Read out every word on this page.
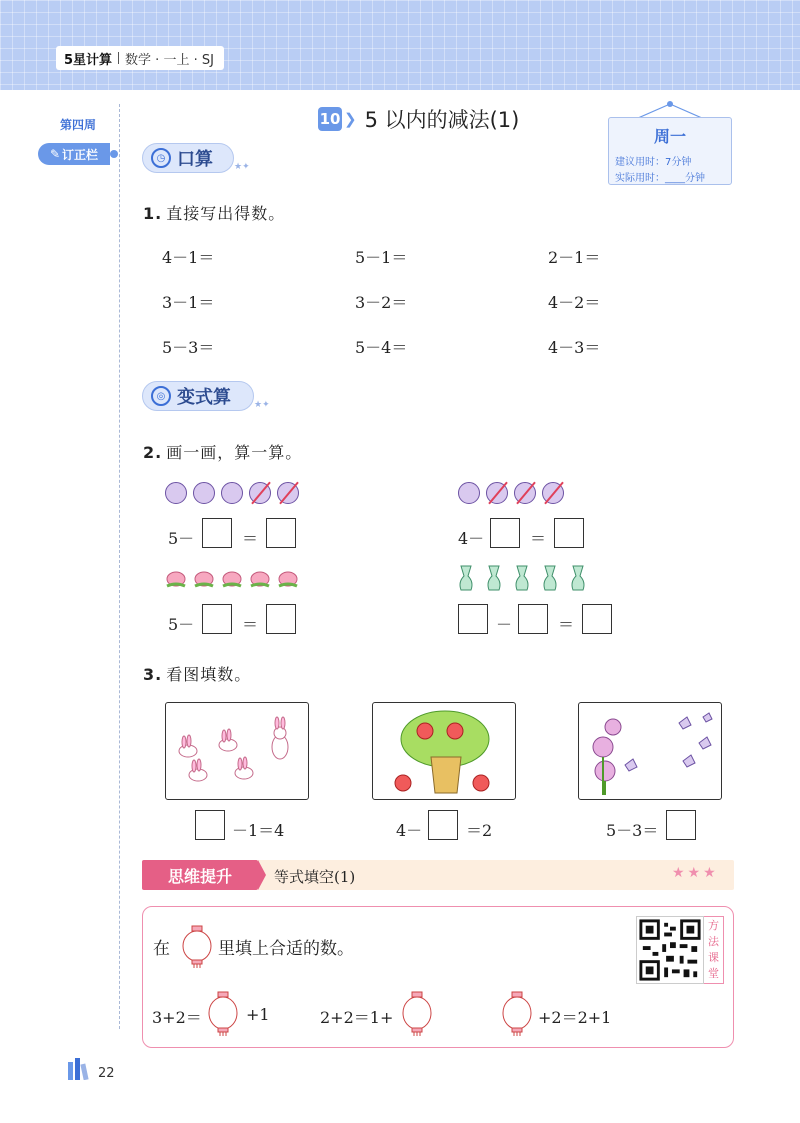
5星计算 数学 · 一上 · SJ
第四周
✎ 订正栏
10 ❯ 5 以内的减法(1)
周一
建议用时：7分钟
实际用时：____分钟
◷ 口算 ★✦
1. 直接写出得数。
4－1＝	5－1＝	2－1＝
3－1＝	3－2＝	4－2＝
5－3＝	5－4＝	4－3＝
◎ 变式算	★✦
2. 画一画，算一算。
5－	＝	4－	＝
5－	＝	－	＝
3. 看图填数。
－1＝4	4－	＝2	5－3＝
思维提升	等式填空(1)	★★★
在	里填上合适的数。
方
法
课
堂
3+2＝	+1	2+2＝1+	+2＝2+1
22
